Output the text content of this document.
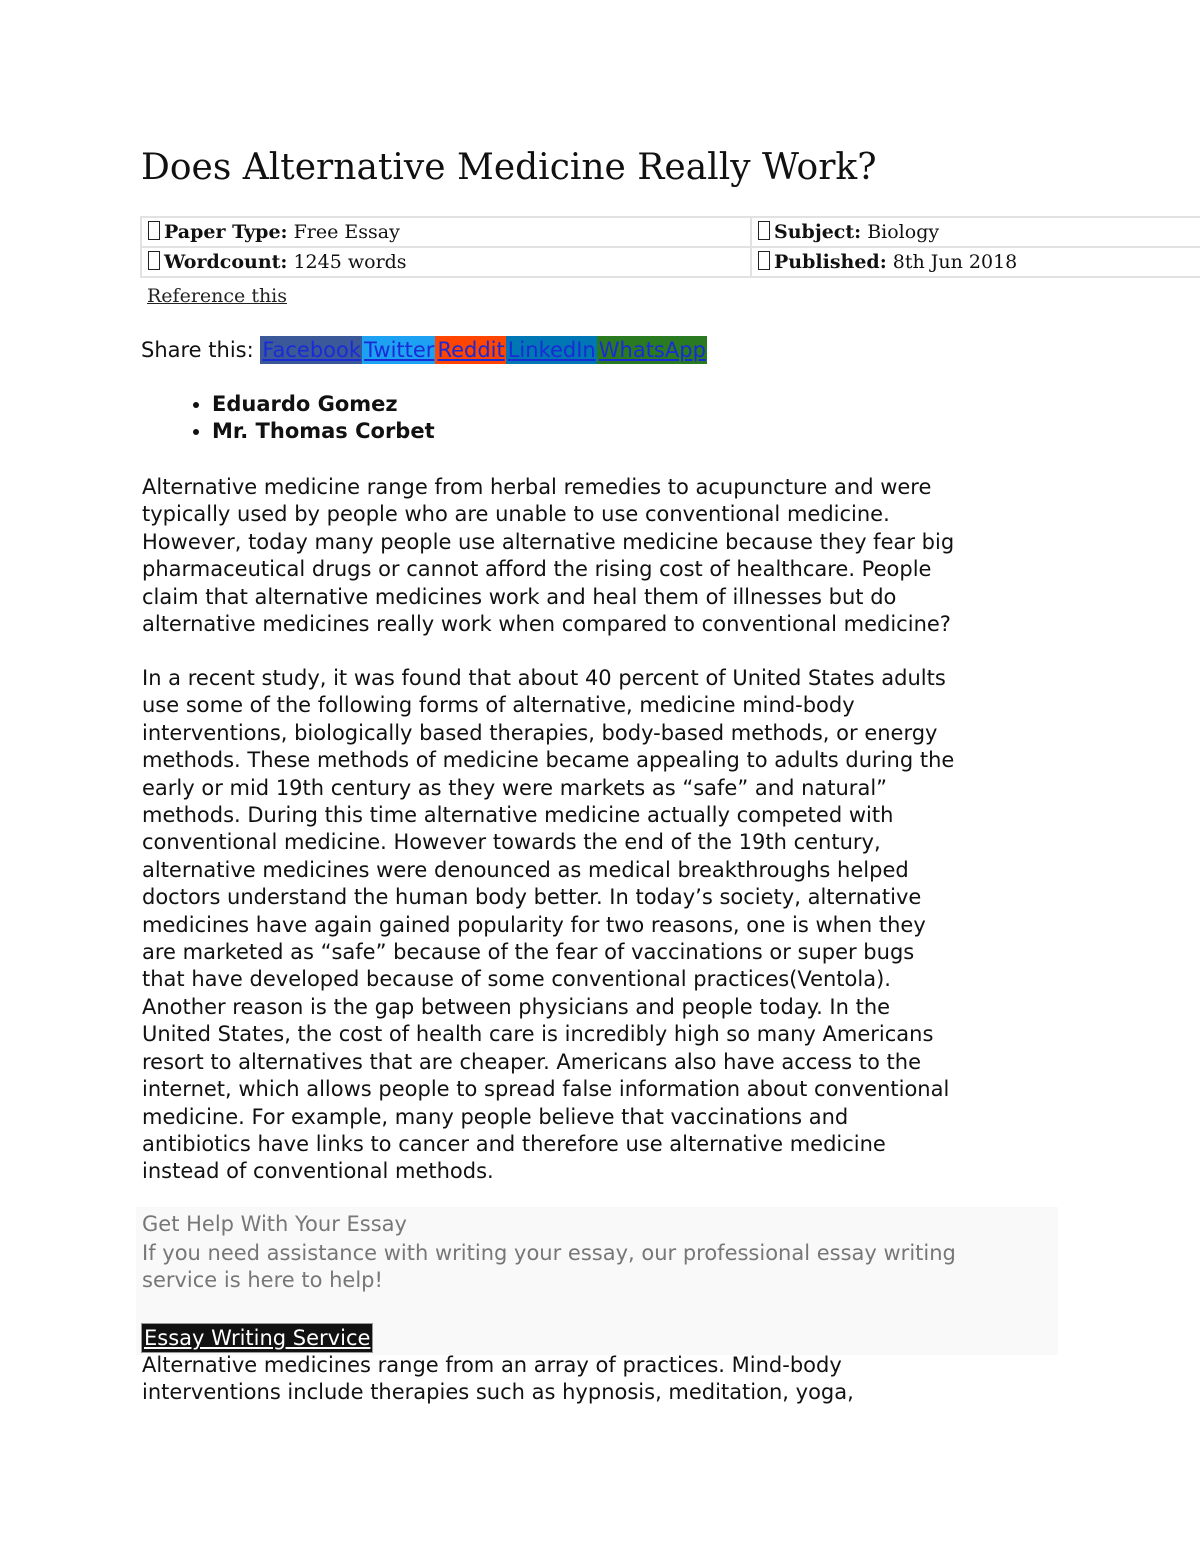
Does Alternative Medicine Really Work?
Paper Type: Free Essay	Subject: Biology
Wordcount: 1245 words	Published: 8th Jun 2018
Reference this
Share this: Facebook Twitter Reddit LinkedIn WhatsApp
• Eduardo Gomez
• Mr. Thomas Corbet

Alternative medicine range from herbal remedies to acupuncture and were
typically used by people who are unable to use conventional medicine.
However, today many people use alternative medicine because they fear big
pharmaceutical drugs or cannot afford the rising cost of healthcare. People
claim that alternative medicines work and heal them of illnesses but do
alternative medicines really work when compared to conventional medicine?

In a recent study, it was found that about 40 percent of United States adults
use some of the following forms of alternative, medicine mind-body
interventions, biologically based therapies, body-based methods, or energy
methods. These methods of medicine became appealing to adults during the
early or mid 19th century as they were markets as “safe” and natural”
methods. During this time alternative medicine actually competed with
conventional medicine. However towards the end of the 19th century,
alternative medicines were denounced as medical breakthroughs helped
doctors understand the human body better. In today’s society, alternative
medicines have again gained popularity for two reasons, one is when they
are marketed as “safe” because of the fear of vaccinations or super bugs
that have developed because of some conventional practices(Ventola).
Another reason is the gap between physicians and people today. In the
United States, the cost of health care is incredibly high so many Americans
resort to alternatives that are cheaper. Americans also have access to the
internet, which allows people to spread false information about conventional
medicine. For example, many people believe that vaccinations and
antibiotics have links to cancer and therefore use alternative medicine
instead of conventional methods.

Get Help With Your Essay

If you need assistance with writing your essay, our professional essay writing
service is here to help!

Essay Writing Service

Alternative medicines range from an array of practices. Mind-body
interventions include therapies such as hypnosis, meditation, yoga,
